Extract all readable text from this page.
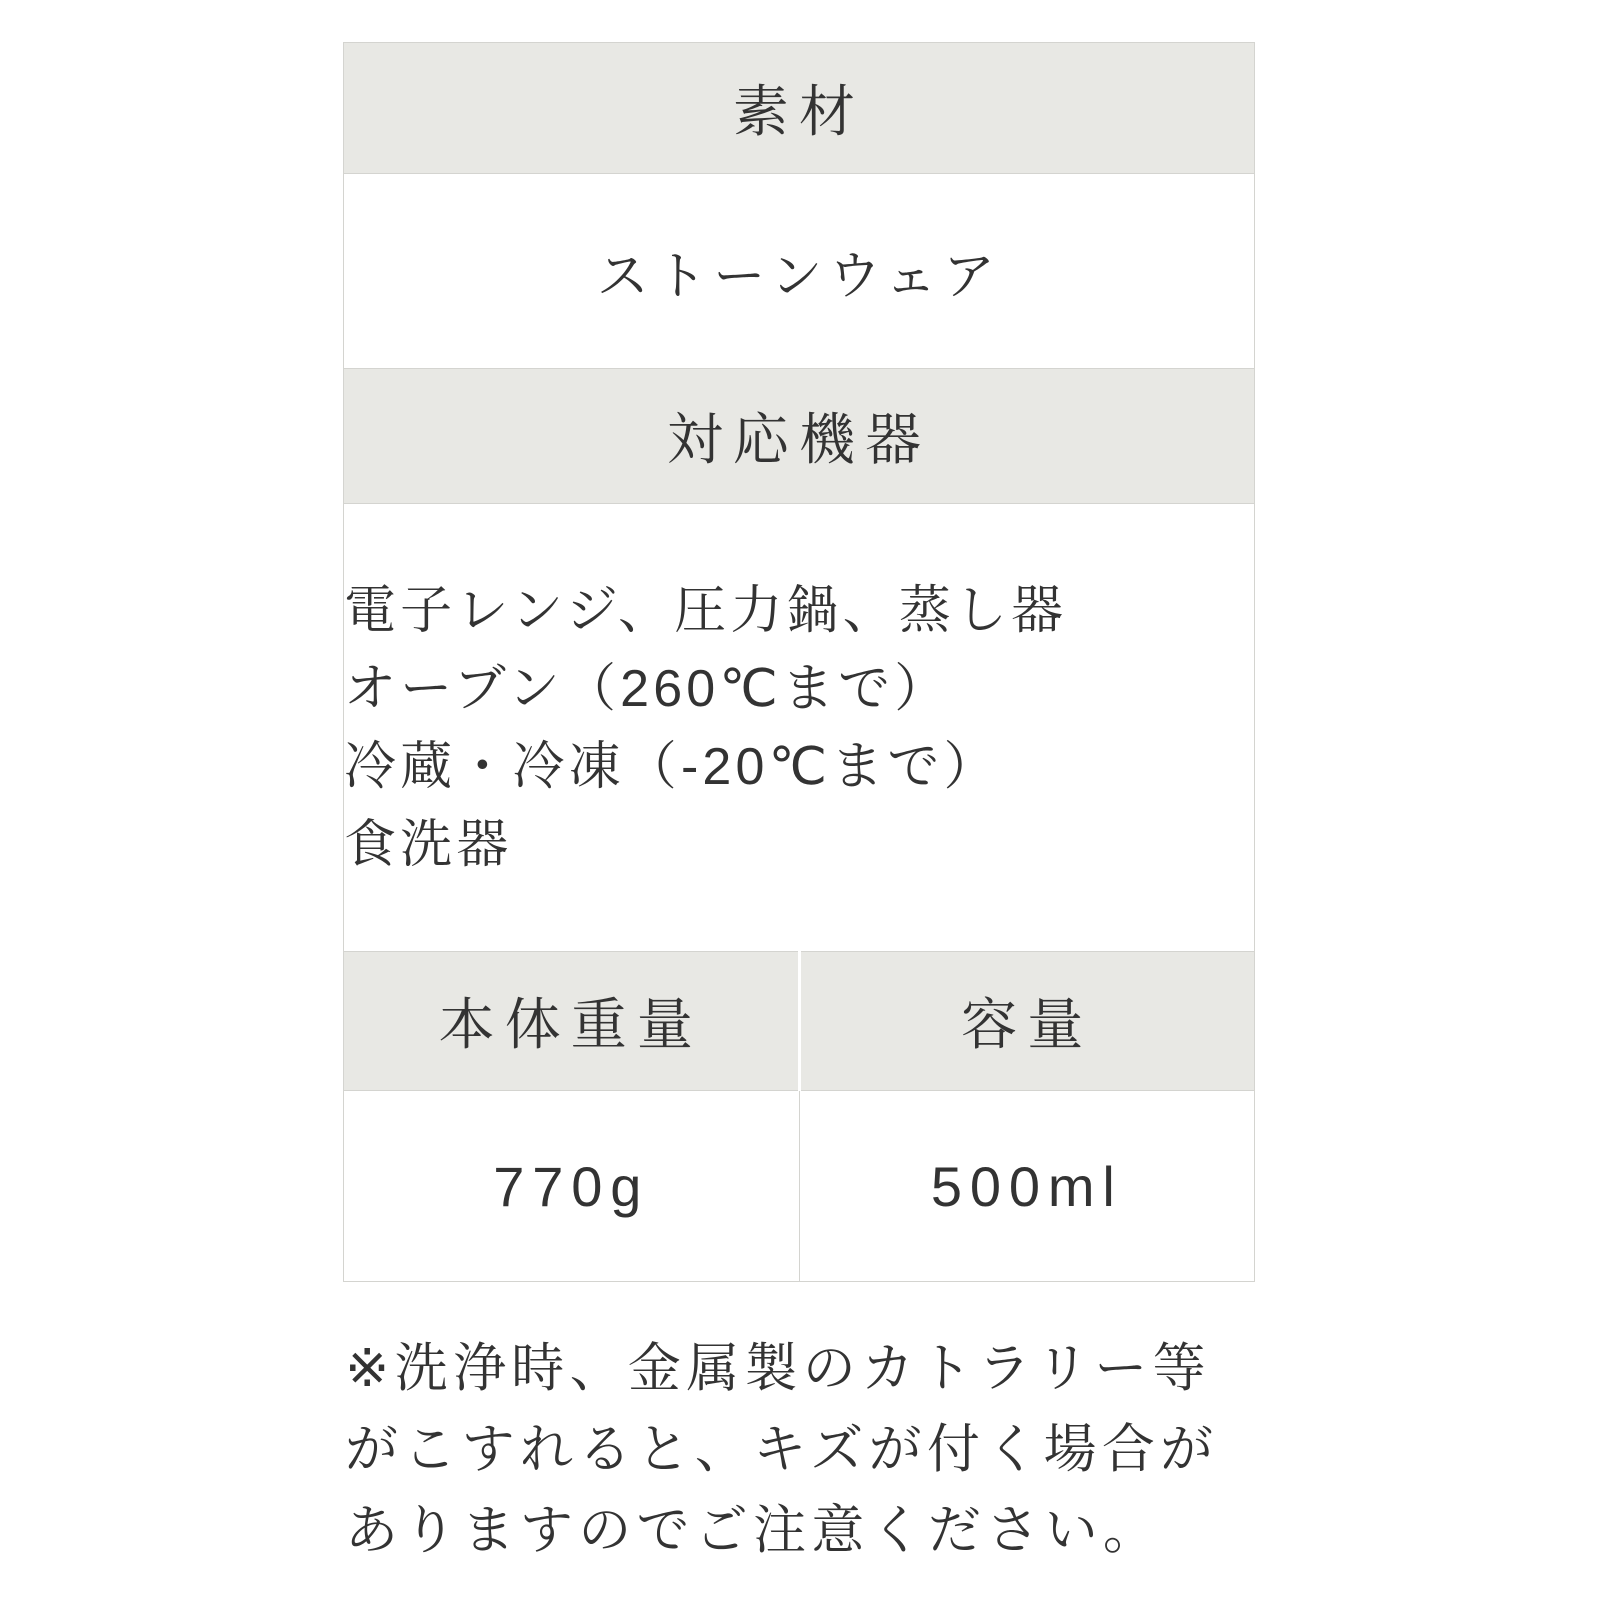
素材	
ストーンウェア	
対応機器	

電子レンジ、圧力鍋、蒸し器
オーブン（260℃まで）
冷蔵・冷凍（-20℃まで）
食洗器	

本体重量	容量
770g	500ml
※洗浄時、金属製のカトラリー等
がこすれると、キズが付く場合が
ありますのでご注意ください。
